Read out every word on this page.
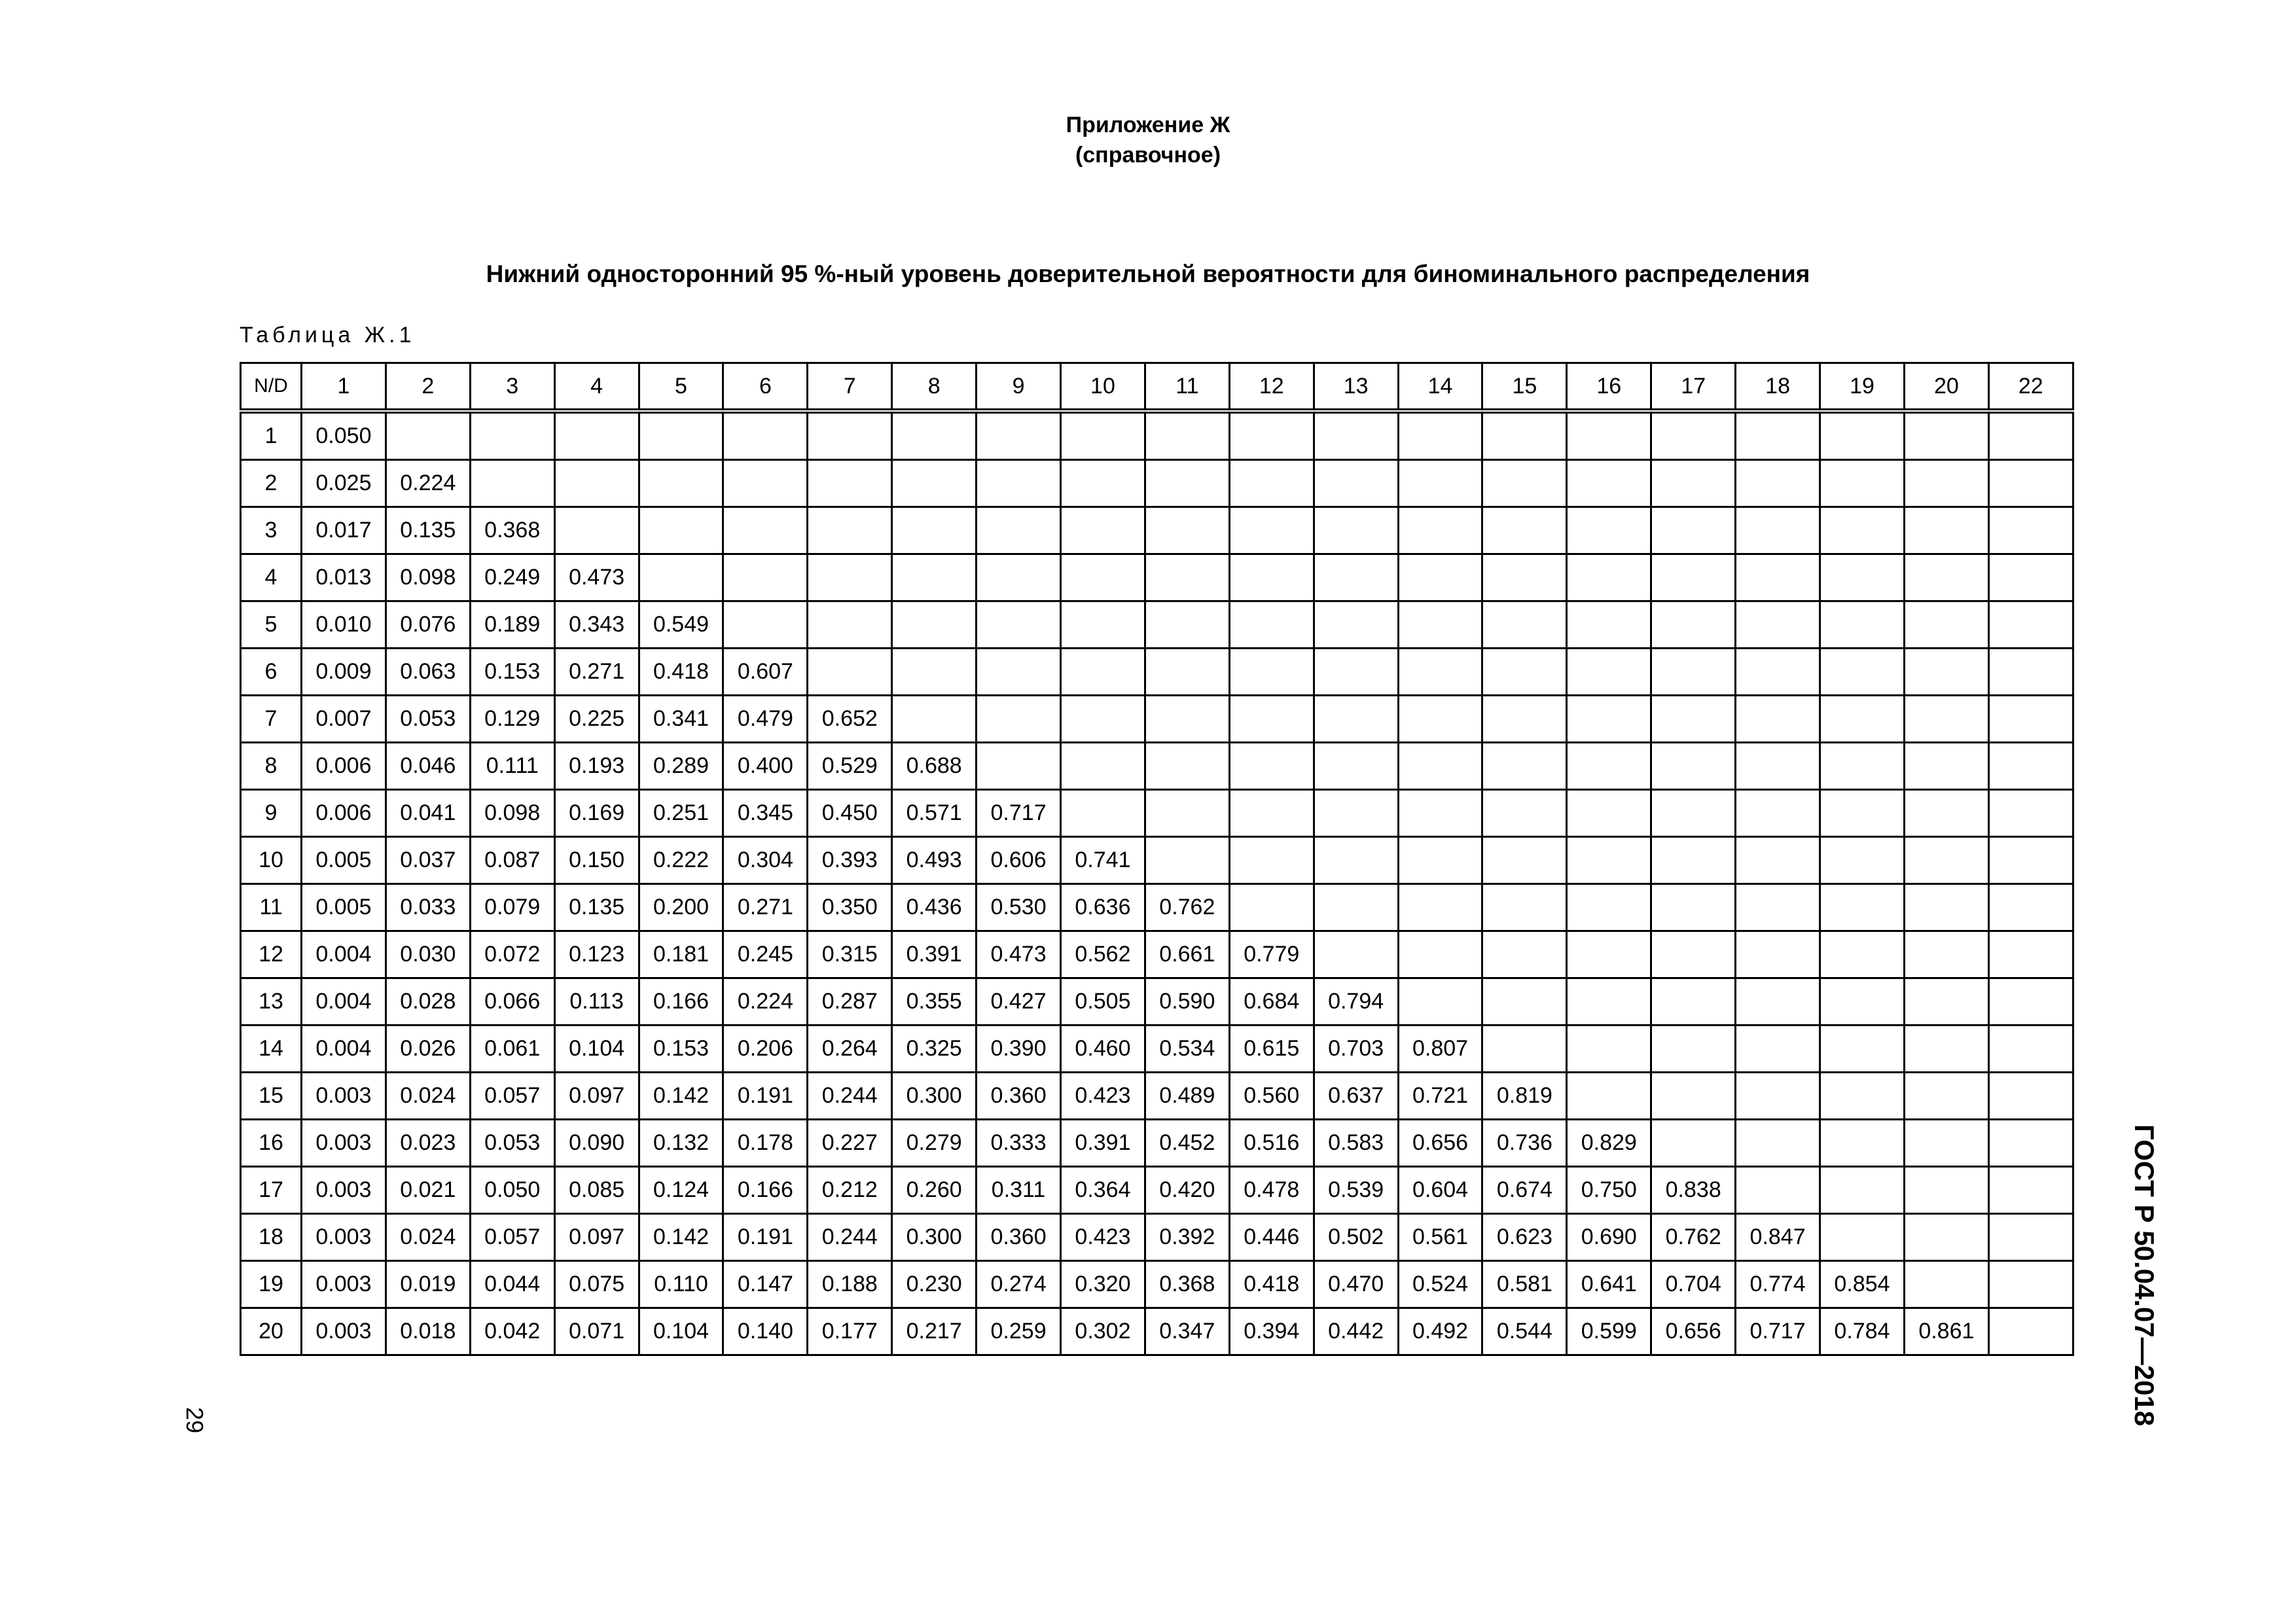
Приложение Ж
(справочное)
Нижний односторонний 95 %-ный уровень доверительной вероятности для биноминального распределения
Таблица Ж.1
N/D	1	2	3	4	5	6	7	8	9	10	11	12	13	14	15	16	17	18	19	20	22
1	0.050																				
2	0.025	0.224																			
3	0.017	0.135	0.368																		
4	0.013	0.098	0.249	0.473																	
5	0.010	0.076	0.189	0.343	0.549																
6	0.009	0.063	0.153	0.271	0.418	0.607															
7	0.007	0.053	0.129	0.225	0.341	0.479	0.652														
8	0.006	0.046	0.111	0.193	0.289	0.400	0.529	0.688													
9	0.006	0.041	0.098	0.169	0.251	0.345	0.450	0.571	0.717												
10	0.005	0.037	0.087	0.150	0.222	0.304	0.393	0.493	0.606	0.741											
11	0.005	0.033	0.079	0.135	0.200	0.271	0.350	0.436	0.530	0.636	0.762										
12	0.004	0.030	0.072	0.123	0.181	0.245	0.315	0.391	0.473	0.562	0.661	0.779									
13	0.004	0.028	0.066	0.113	0.166	0.224	0.287	0.355	0.427	0.505	0.590	0.684	0.794								
14	0.004	0.026	0.061	0.104	0.153	0.206	0.264	0.325	0.390	0.460	0.534	0.615	0.703	0.807							
15	0.003	0.024	0.057	0.097	0.142	0.191	0.244	0.300	0.360	0.423	0.489	0.560	0.637	0.721	0.819						
16	0.003	0.023	0.053	0.090	0.132	0.178	0.227	0.279	0.333	0.391	0.452	0.516	0.583	0.656	0.736	0.829					
17	0.003	0.021	0.050	0.085	0.124	0.166	0.212	0.260	0.311	0.364	0.420	0.478	0.539	0.604	0.674	0.750	0.838				
18	0.003	0.024	0.057	0.097	0.142	0.191	0.244	0.300	0.360	0.423	0.392	0.446	0.502	0.561	0.623	0.690	0.762	0.847			
19	0.003	0.019	0.044	0.075	0.110	0.147	0.188	0.230	0.274	0.320	0.368	0.418	0.470	0.524	0.581	0.641	0.704	0.774	0.854		
20	0.003	0.018	0.042	0.071	0.104	0.140	0.177	0.217	0.259	0.302	0.347	0.394	0.442	0.492	0.544	0.599	0.656	0.717	0.784	0.861	
29	ГОСТ Р 50.04.07—2018
